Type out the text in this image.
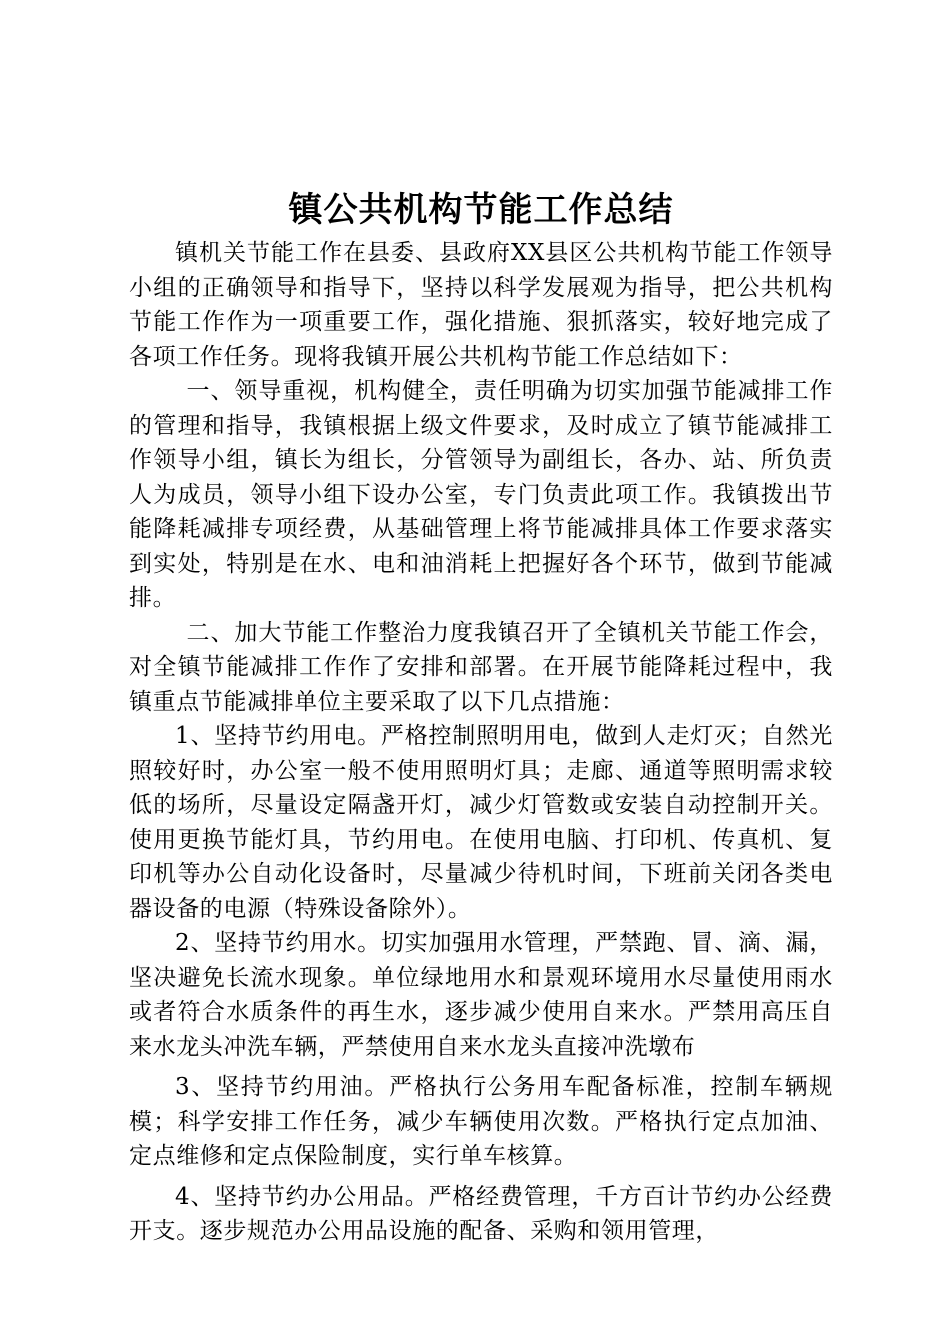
镇公共机构节能工作总结

镇机关节能工作在县委、县政府XX县区公共机构节能工作领导小组的正确领导和指导下，坚持以科学发展观为指导，把公共机构节能工作作为一项重要工作，强化措施、狠抓落实，较好地完成了各项工作任务。现将我镇开展公共机构节能工作总结如下：

一、领导重视，机构健全，责任明确为切实加强节能减排工作的管理和指导，我镇根据上级文件要求，及时成立了镇节能减排工作领导小组，镇长为组长，分管领导为副组长，各办、站、所负责人为成员，领导小组下设办公室，专门负责此项工作。我镇拨出节能降耗减排专项经费，从基础管理上将节能减排具体工作要求落实到实处，特别是在水、电和油消耗上把握好各个环节，做到节能减排。

二、加大节能工作整治力度我镇召开了全镇机关节能工作会，对全镇节能减排工作作了安排和部署。在开展节能降耗过程中，我镇重点节能减排单位主要采取了以下几点措施：

1、坚持节约用电。严格控制照明用电，做到人走灯灭；自然光照较好时，办公室一般不使用照明灯具；走廊、通道等照明需求较低的场所，尽量设定隔盏开灯，减少灯管数或安装自动控制开关。使用更换节能灯具，节约用电。在使用电脑、打印机、传真机、复印机等办公自动化设备时，尽量减少待机时间，下班前关闭各类电器设备的电源（特殊设备除外）。

2、坚持节约用水。切实加强用水管理，严禁跑、冒、滴、漏，坚决避免长流水现象。单位绿地用水和景观环境用水尽量使用雨水或者符合水质条件的再生水，逐步减少使用自来水。严禁用高压自来水龙头冲洗车辆，严禁使用自来水龙头直接冲洗墩布

3、坚持节约用油。严格执行公务用车配备标准，控制车辆规模；科学安排工作任务，减少车辆使用次数。严格执行定点加油、定点维修和定点保险制度，实行单车核算。

4、坚持节约办公用品。严格经费管理，千方百计节约办公经费开支。逐步规范办公用品设施的配备、采购和领用管理，
